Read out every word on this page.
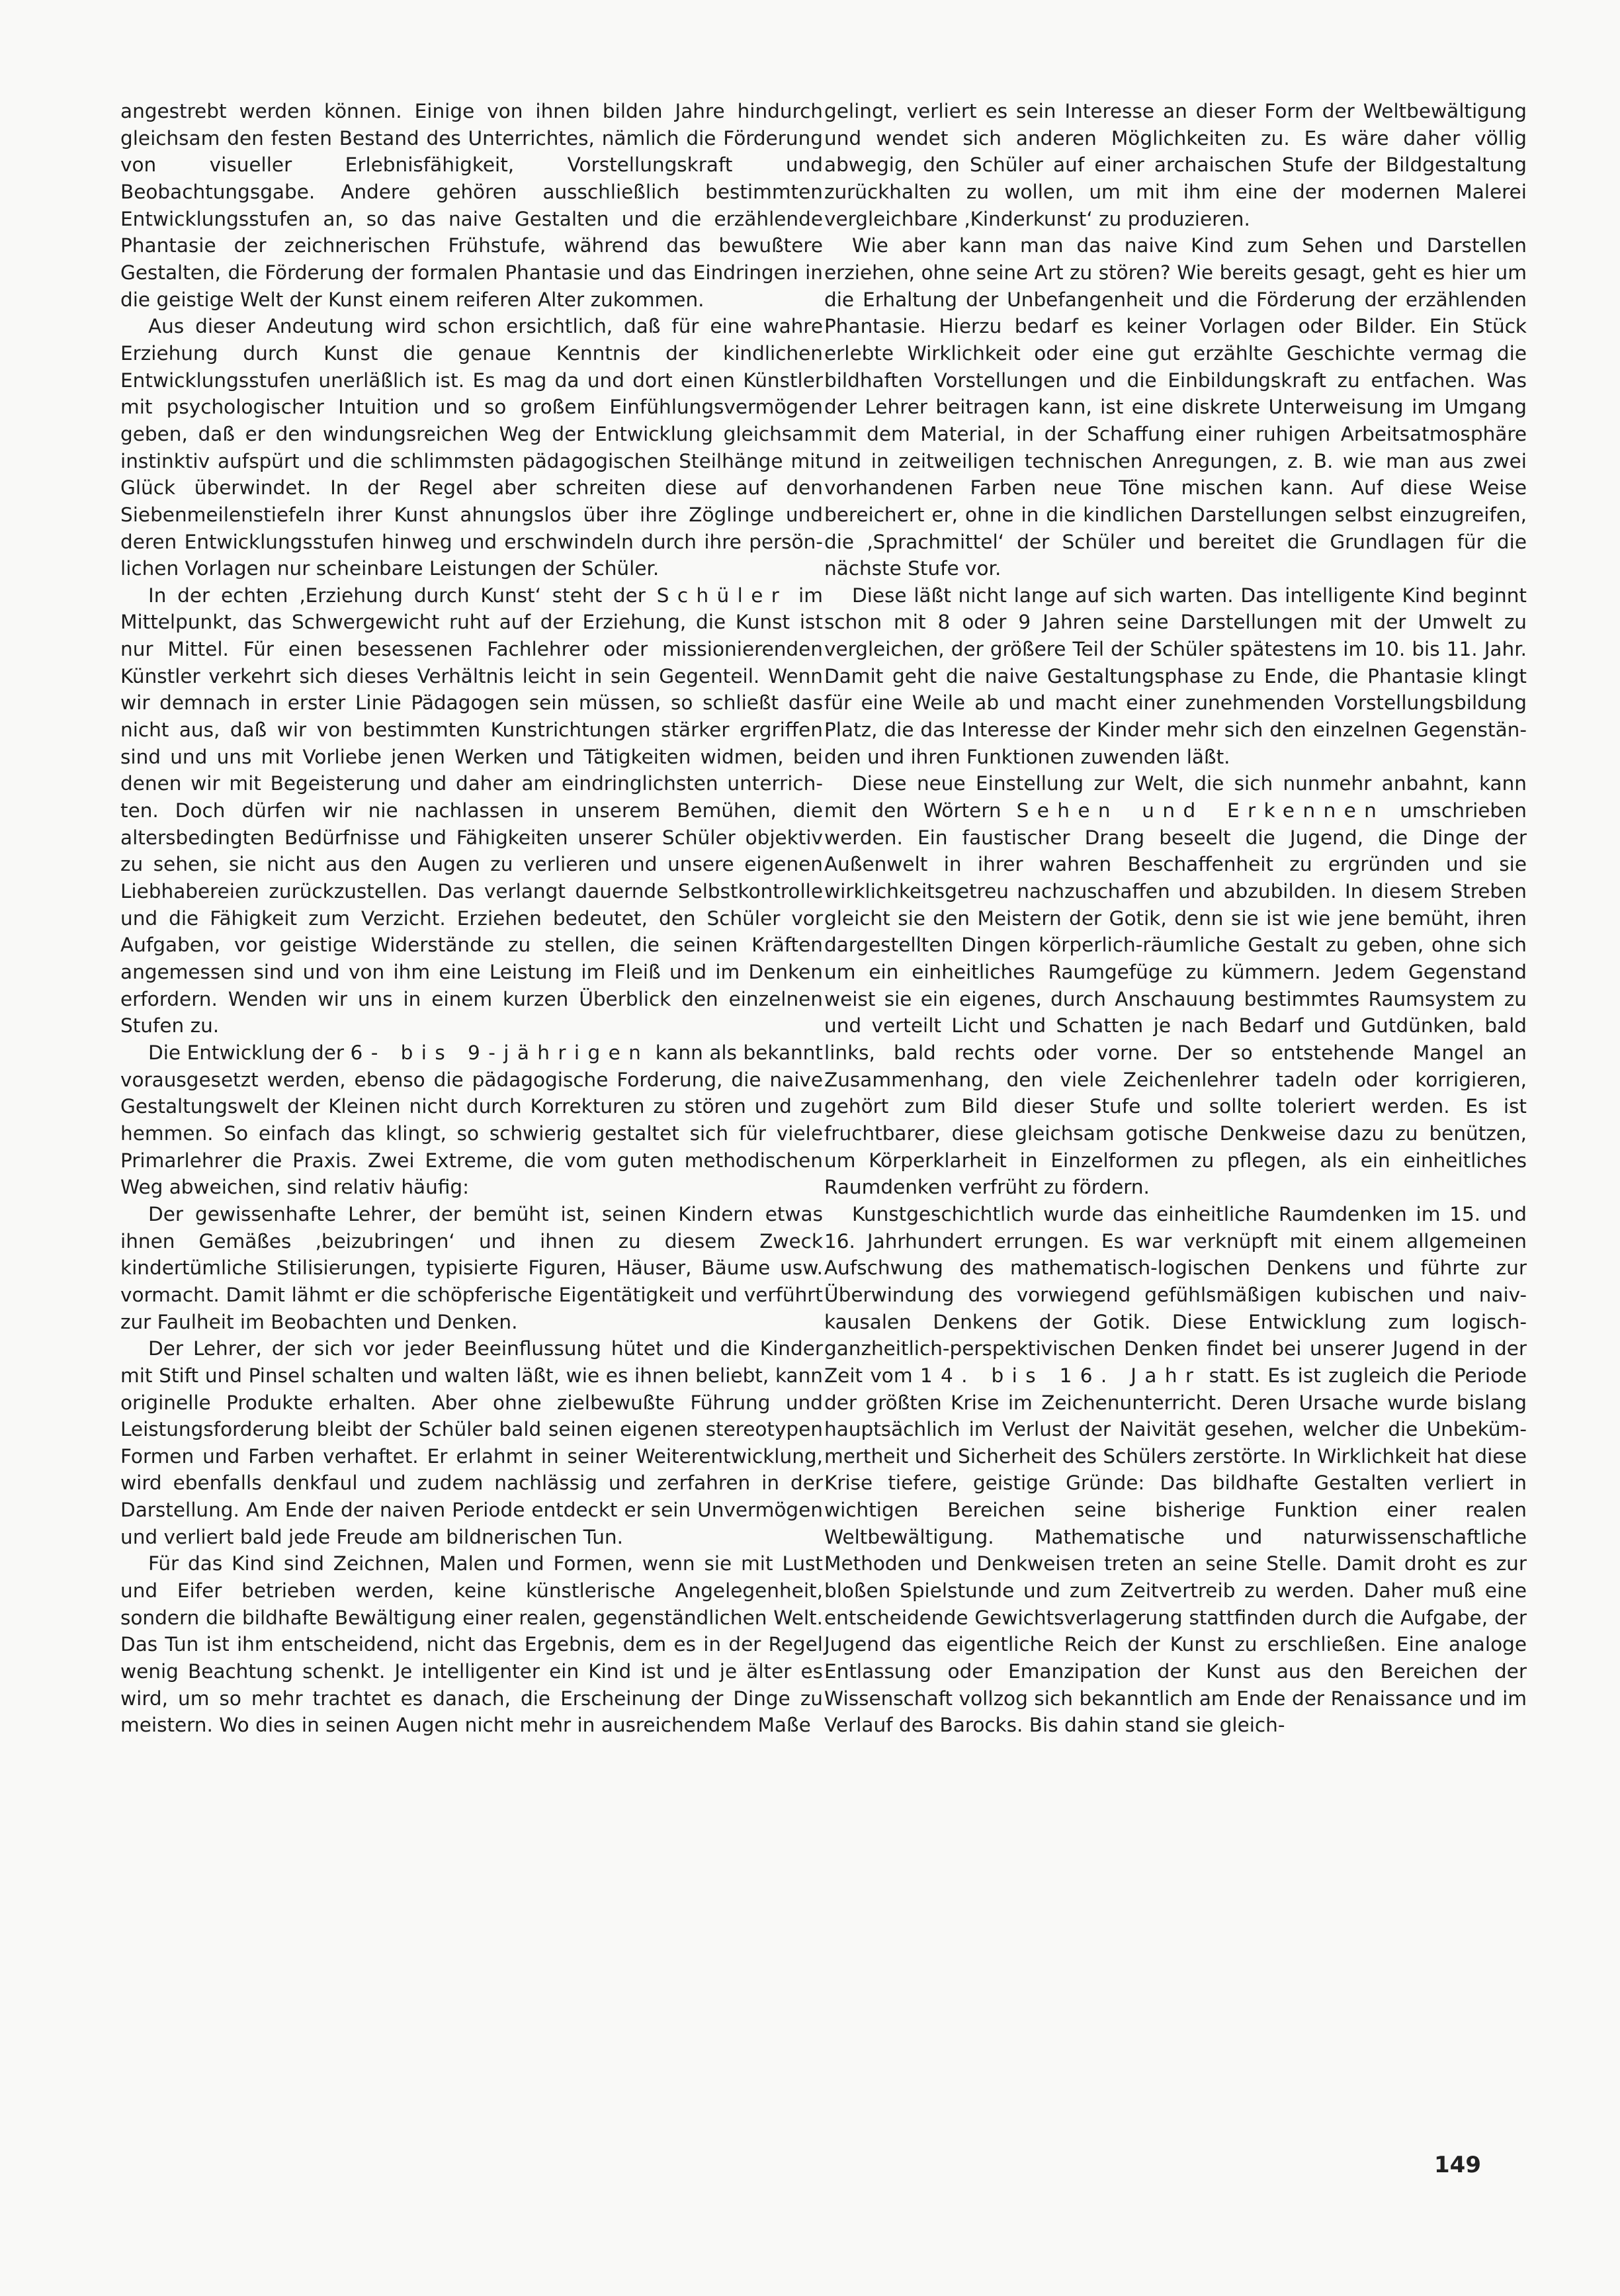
angestrebt werden können. Einige von ihnen bilden Jahre hindurch gleichsam den festen Bestand des Unterrichtes, nämlich die Förderung von visueller Erlebnisfähigkeit, Vorstellungskraft und Beobachtungsgabe. Andere gehören ausschließlich bestimmten Entwicklungsstufen an, so das naive Gestalten und die erzählende Phantasie der zeichnerischen Frühstufe, während das bewußtere Gestalten, die Förderung der formalen Phantasie und das Eindringen in die geistige Welt der Kunst einem reiferen Alter zukommen.

Aus dieser Andeutung wird schon ersichtlich, daß für eine wahre Erziehung durch Kunst die genaue Kenntnis der kindlichen Entwicklungsstufen unerläßlich ist. Es mag da und dort einen Künstler mit psychologischer Intuition und so großem Einfühlungsvermögen geben, daß er den windungsreichen Weg der Entwicklung gleichsam instinktiv aufspürt und die schlimmsten pädagogischen Steilhänge mit Glück überwindet. In der Regel aber schreiten diese auf den Siebenmeilenstiefeln ihrer Kunst ahnungslos über ihre Zöglinge und deren Entwicklungsstufen hinweg und erschwindeln durch ihre persönlichen Vorlagen nur scheinbare Leistungen der Schüler.

In der echten ‚Erziehung durch Kunst‘ steht der Schüler im Mittelpunkt, das Schwergewicht ruht auf der Erziehung, die Kunst ist nur Mittel. Für einen besessenen Fachlehrer oder missionierenden Künstler verkehrt sich dieses Verhältnis leicht in sein Gegenteil. Wenn wir demnach in erster Linie Pädagogen sein müssen, so schließt das nicht aus, daß wir von bestimmten Kunstrichtungen stärker ergriffen sind und uns mit Vorliebe jenen Werken und Tätigkeiten widmen, bei denen wir mit Begeisterung und daher am eindringlichsten unterrichten. Doch dürfen wir nie nachlassen in unserem Bemühen, die altersbedingten Bedürfnisse und Fähigkeiten unserer Schüler objektiv zu sehen, sie nicht aus den Augen zu verlieren und unsere eigenen Liebhabereien zurückzustellen. Das verlangt dauernde Selbstkontrolle und die Fähigkeit zum Verzicht. Erziehen bedeutet, den Schüler vor Aufgaben, vor geistige Widerstände zu stellen, die seinen Kräften angemessen sind und von ihm eine Leistung im Fleiß und im Denken erfordern. Wenden wir uns in einem kurzen Überblick den einzelnen Stufen zu.

Die Entwicklung der 6- bis 9-jährigen kann als bekannt vorausgesetzt werden, ebenso die pädagogische Forderung, die naive Gestaltungswelt der Kleinen nicht durch Korrekturen zu stören und zu hemmen. So einfach das klingt, so schwierig gestaltet sich für viele Primarlehrer die Praxis. Zwei Extreme, die vom guten methodischen Weg abweichen, sind relativ häufig:

Der gewissenhafte Lehrer, der bemüht ist, seinen Kindern etwas ihnen Gemäßes ‚beizubringen‘ und ihnen zu diesem Zweck kindertümliche Stilisierungen, typisierte Figuren, Häuser, Bäume usw. vormacht. Damit lähmt er die schöpferische Eigentätigkeit und verführt zur Faulheit im Beobachten und Denken.

Der Lehrer, der sich vor jeder Beeinflussung hütet und die Kinder mit Stift und Pinsel schalten und walten läßt, wie es ihnen beliebt, kann originelle Produkte erhalten. Aber ohne zielbewußte Führung und Leistungsforderung bleibt der Schüler bald seinen eigenen stereotypen Formen und Farben verhaftet. Er erlahmt in seiner Weiterentwicklung, wird ebenfalls denkfaul und zudem nachlässig und zerfahren in der Darstellung. Am Ende der naiven Periode entdeckt er sein Unvermögen und verliert bald jede Freude am bildnerischen Tun.

Für das Kind sind Zeichnen, Malen und Formen, wenn sie mit Lust und Eifer betrieben werden, keine künstlerische Angelegenheit, sondern die bildhafte Bewältigung einer realen, gegenständlichen Welt. Das Tun ist ihm entscheidend, nicht das Ergebnis, dem es in der Regel wenig Beachtung schenkt. Je intelligenter ein Kind ist und je älter es wird, um so mehr trachtet es danach, die Erscheinung der Dinge zu meistern. Wo dies in seinen Augen nicht mehr in ausreichendem Maße

gelingt, verliert es sein Interesse an dieser Form der Weltbewältigung und wendet sich anderen Möglichkeiten zu. Es wäre daher völlig abwegig, den Schüler auf einer archaischen Stufe der Bildgestaltung zurückhalten zu wollen, um mit ihm eine der modernen Malerei vergleichbare ‚Kinderkunst‘ zu produzieren.

Wie aber kann man das naive Kind zum Sehen und Darstellen erziehen, ohne seine Art zu stören? Wie bereits gesagt, geht es hier um die Erhaltung der Unbefangenheit und die Förderung der erzählenden Phantasie. Hierzu bedarf es keiner Vorlagen oder Bilder. Ein Stück erlebte Wirklichkeit oder eine gut erzählte Geschichte vermag die bildhaften Vorstellungen und die Einbildungskraft zu entfachen. Was der Lehrer beitragen kann, ist eine diskrete Unterweisung im Umgang mit dem Material, in der Schaffung einer ruhigen Arbeitsatmosphäre und in zeitweiligen technischen Anregungen, z. B. wie man aus zwei vorhandenen Farben neue Töne mischen kann. Auf diese Weise bereichert er, ohne in die kindlichen Darstellungen selbst einzugreifen, die ‚Sprachmittel‘ der Schüler und bereitet die Grundlagen für die nächste Stufe vor.

Diese läßt nicht lange auf sich warten. Das intelligente Kind beginnt schon mit 8 oder 9 Jahren seine Darstellungen mit der Umwelt zu vergleichen, der größere Teil der Schüler spätestens im 10. bis 11. Jahr. Damit geht die naive Gestaltungsphase zu Ende, die Phantasie klingt für eine Weile ab und macht einer zunehmenden Vorstellungsbildung Platz, die das Interesse der Kinder mehr sich den einzelnen Gegenständen und ihren Funktionen zuwenden läßt.

Diese neue Einstellung zur Welt, die sich nunmehr anbahnt, kann mit den Wörtern Sehen und Erkennen umschrieben werden. Ein faustischer Drang beseelt die Jugend, die Dinge der Außenwelt in ihrer wahren Beschaffenheit zu ergründen und sie wirklichkeitsgetreu nachzuschaffen und abzubilden. In diesem Streben gleicht sie den Meistern der Gotik, denn sie ist wie jene bemüht, ihren dargestellten Dingen körperlich-räumliche Gestalt zu geben, ohne sich um ein einheitliches Raumgefüge zu kümmern. Jedem Gegenstand weist sie ein eigenes, durch Anschauung bestimmtes Raumsystem zu und verteilt Licht und Schatten je nach Bedarf und Gutdünken, bald links, bald rechts oder vorne. Der so entstehende Mangel an Zusammenhang, den viele Zeichenlehrer tadeln oder korrigieren, gehört zum Bild dieser Stufe und sollte toleriert werden. Es ist fruchtbarer, diese gleichsam gotische Denkweise dazu zu benützen, um Körperklarheit in Einzelformen zu pflegen, als ein einheitliches Raumdenken verfrüht zu fördern.

Kunstgeschichtlich wurde das einheitliche Raumdenken im 15. und 16. Jahrhundert errungen. Es war verknüpft mit einem allgemeinen Aufschwung des mathematisch-logischen Denkens und führte zur Überwindung des vorwiegend gefühlsmäßigen kubischen und naiv-kausalen Denkens der Gotik. Diese Entwicklung zum logisch-ganzheitlich-perspektivischen Denken findet bei unserer Jugend in der Zeit vom 14. bis 16. Jahr statt. Es ist zugleich die Periode der größten Krise im Zeichenunterricht. Deren Ursache wurde bislang hauptsächlich im Verlust der Naivität gesehen, welcher die Unbekümmertheit und Sicherheit des Schülers zerstörte. In Wirklichkeit hat diese Krise tiefere, geistige Gründe: Das bildhafte Gestalten verliert in wichtigen Bereichen seine bisherige Funktion einer realen Weltbewältigung. Mathematische und naturwissenschaftliche Methoden und Denkweisen treten an seine Stelle. Damit droht es zur bloßen Spielstunde und zum Zeitvertreib zu werden. Daher muß eine entscheidende Gewichtsverlagerung stattfinden durch die Aufgabe, der Jugend das eigentliche Reich der Kunst zu erschließen. Eine analoge Entlassung oder Emanzipation der Kunst aus den Bereichen der Wissenschaft vollzog sich bekanntlich am Ende der Renaissance und im Verlauf des Barocks. Bis dahin stand sie gleich-

149
